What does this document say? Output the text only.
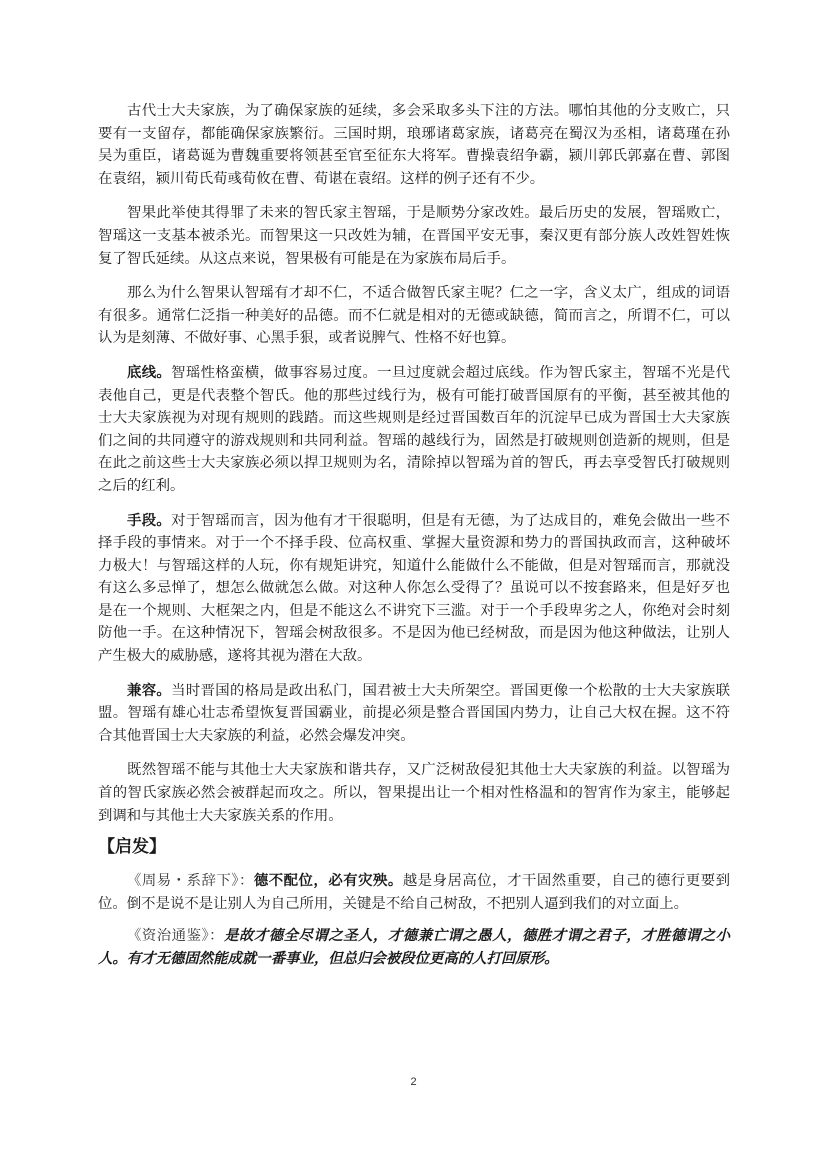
古代士大夫家族，为了确保家族的延续，多会采取多头下注的方法。哪怕其他的分支败亡，只要有一支留存，都能确保家族繁衍。三国时期，琅琊诸葛家族，诸葛亮在蜀汉为丞相，诸葛瑾在孙吴为重臣，诸葛诞为曹魏重要将领甚至官至征东大将军。曹操袁绍争霸，颍川郭氏郭嘉在曹、郭图在袁绍，颍川荀氏荀彧荀攸在曹、荀谌在袁绍。这样的例子还有不少。

智果此举使其得罪了未来的智氏家主智瑶，于是顺势分家改姓。最后历史的发展，智瑶败亡，智瑶这一支基本被杀光。而智果这一只改姓为辅，在晋国平安无事，秦汉更有部分族人改姓智姓恢复了智氏延续。从这点来说，智果极有可能是在为家族布局后手。

那么为什么智果认智瑶有才却不仁，不适合做智氏家主呢？仁之一字，含义太广，组成的词语有很多。通常仁泛指一种美好的品德。而不仁就是相对的无德或缺德，简而言之，所谓不仁，可以认为是刻薄、不做好事、心黑手狠，或者说脾气、性格不好也算。

底线。智瑶性格蛮横，做事容易过度。一旦过度就会超过底线。作为智氏家主，智瑶不光是代表他自己，更是代表整个智氏。他的那些过线行为，极有可能打破晋国原有的平衡，甚至被其他的士大夫家族视为对现有规则的践踏。而这些规则是经过晋国数百年的沉淀早已成为晋国士大夫家族们之间的共同遵守的游戏规则和共同利益。智瑶的越线行为，固然是打破规则创造新的规则，但是在此之前这些士大夫家族必须以捍卫规则为名，清除掉以智瑶为首的智氏，再去享受智氏打破规则之后的红利。

手段。对于智瑶而言，因为他有才干很聪明，但是有无德，为了达成目的，难免会做出一些不择手段的事情来。对于一个不择手段、位高权重、掌握大量资源和势力的晋国执政而言，这种破坏力极大！与智瑶这样的人玩，你有规矩讲究，知道什么能做什么不能做，但是对智瑶而言，那就没有这么多忌惮了，想怎么做就怎么做。对这种人你怎么受得了？虽说可以不按套路来，但是好歹也是在一个规则、大框架之内，但是不能这么不讲究下三滥。对于一个手段卑劣之人，你绝对会时刻防他一手。在这种情况下，智瑶会树敌很多。不是因为他已经树敌，而是因为他这种做法，让别人产生极大的威胁感，遂将其视为潜在大敌。

兼容。当时晋国的格局是政出私门，国君被士大夫所架空。晋国更像一个松散的士大夫家族联盟。智瑶有雄心壮志希望恢复晋国霸业，前提必须是整合晋国国内势力，让自己大权在握。这不符合其他晋国士大夫家族的利益，必然会爆发冲突。

既然智瑶不能与其他士大夫家族和谐共存，又广泛树敌侵犯其他士大夫家族的利益。以智瑶为首的智氏家族必然会被群起而攻之。所以，智果提出让一个相对性格温和的智宵作为家主，能够起到调和与其他士大夫家族关系的作用。

【启发】

《周易・系辞下》：德不配位，必有灾殃。越是身居高位，才干固然重要，自己的德行更要到位。倒不是说不是让别人为自己所用，关键是不给自己树敌，不把别人逼到我们的对立面上。

《资治通鉴》：是故才德全尽谓之圣人，才德兼亡谓之愚人，德胜才谓之君子，才胜德谓之小人。有才无德固然能成就一番事业，但总归会被段位更高的人打回原形。

2
